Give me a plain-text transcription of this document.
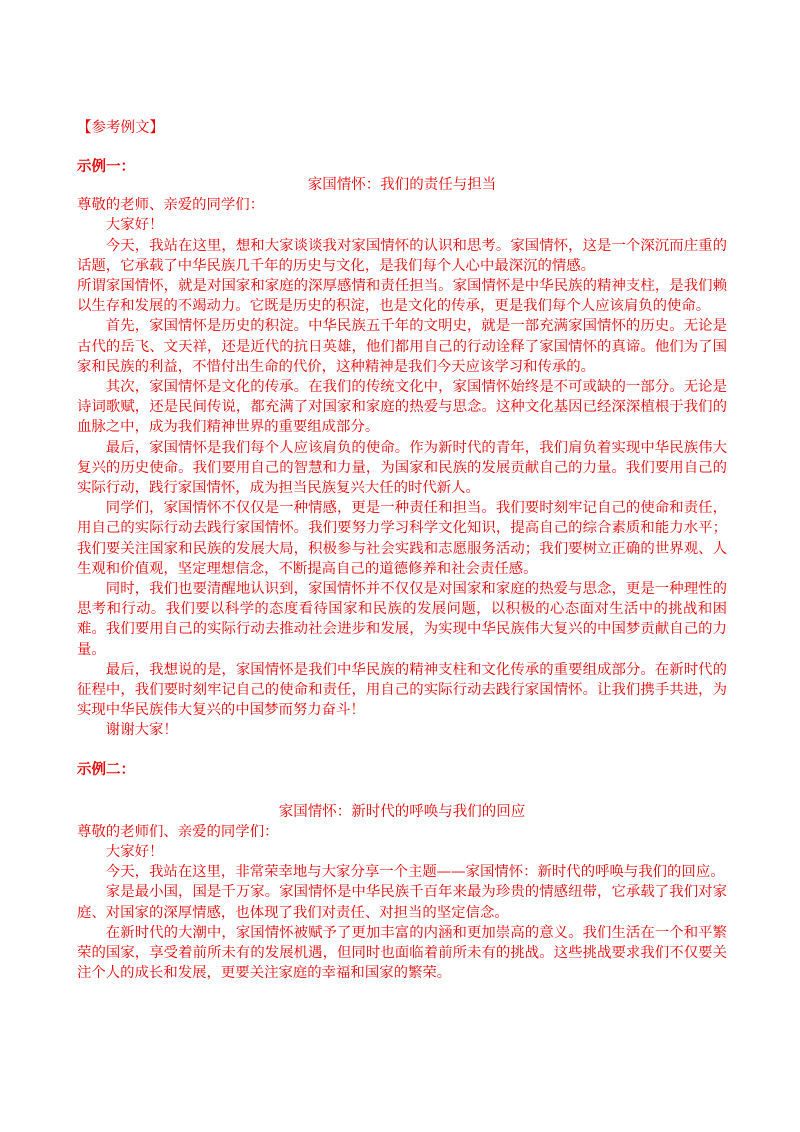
【参考例文】
示例一：
家国情怀：我们的责任与担当
尊敬的老师、亲爱的同学们：
大家好！
今天，我站在这里，想和大家谈谈我对家国情怀的认识和思考。家国情怀，这是一个深沉而庄重的话题，它承载了中华民族几千年的历史与文化，是我们每个人心中最深沉的情感。
所谓家国情怀，就是对国家和家庭的深厚感情和责任担当。家国情怀是中华民族的精神支柱，是我们赖以生存和发展的不竭动力。它既是历史的积淀，也是文化的传承，更是我们每个人应该肩负的使命。
首先，家国情怀是历史的积淀。中华民族五千年的文明史，就是一部充满家国情怀的历史。无论是古代的岳飞、文天祥，还是近代的抗日英雄，他们都用自己的行动诠释了家国情怀的真谛。他们为了国家和民族的利益，不惜付出生命的代价，这种精神是我们今天应该学习和传承的。
其次，家国情怀是文化的传承。在我们的传统文化中，家国情怀始终是不可或缺的一部分。无论是诗词歌赋，还是民间传说，都充满了对国家和家庭的热爱与思念。这种文化基因已经深深植根于我们的血脉之中，成为我们精神世界的重要组成部分。
最后，家国情怀是我们每个人应该肩负的使命。作为新时代的青年，我们肩负着实现中华民族伟大复兴的历史使命。我们要用自己的智慧和力量，为国家和民族的发展贡献自己的力量。我们要用自己的实际行动，践行家国情怀，成为担当民族复兴大任的时代新人。
同学们，家国情怀不仅仅是一种情感，更是一种责任和担当。我们要时刻牢记自己的使命和责任，用自己的实际行动去践行家国情怀。我们要努力学习科学文化知识，提高自己的综合素质和能力水平；我们要关注国家和民族的发展大局，积极参与社会实践和志愿服务活动；我们要树立正确的世界观、人生观和价值观，坚定理想信念，不断提高自己的道德修养和社会责任感。
同时，我们也要清醒地认识到，家国情怀并不仅仅是对国家和家庭的热爱与思念，更是一种理性的思考和行动。我们要以科学的态度看待国家和民族的发展问题，以积极的心态面对生活中的挑战和困难。我们要用自己的实际行动去推动社会进步和发展，为实现中华民族伟大复兴的中国梦贡献自己的力量。
最后，我想说的是，家国情怀是我们中华民族的精神支柱和文化传承的重要组成部分。在新时代的征程中，我们要时刻牢记自己的使命和责任，用自己的实际行动去践行家国情怀。让我们携手共进，为实现中华民族伟大复兴的中国梦而努力奋斗！
谢谢大家！
示例二：
家国情怀：新时代的呼唤与我们的回应
尊敬的老师们、亲爱的同学们：
大家好！
今天，我站在这里，非常荣幸地与大家分享一个主题——家国情怀：新时代的呼唤与我们的回应。
家是最小国，国是千万家。家国情怀是中华民族千百年来最为珍贵的情感纽带，它承载了我们对家庭、对国家的深厚情感，也体现了我们对责任、对担当的坚定信念。
在新时代的大潮中，家国情怀被赋予了更加丰富的内涵和更加崇高的意义。我们生活在一个和平繁荣的国家，享受着前所未有的发展机遇，但同时也面临着前所未有的挑战。这些挑战要求我们不仅要关注个人的成长和发展，更要关注家庭的幸福和国家的繁荣。
